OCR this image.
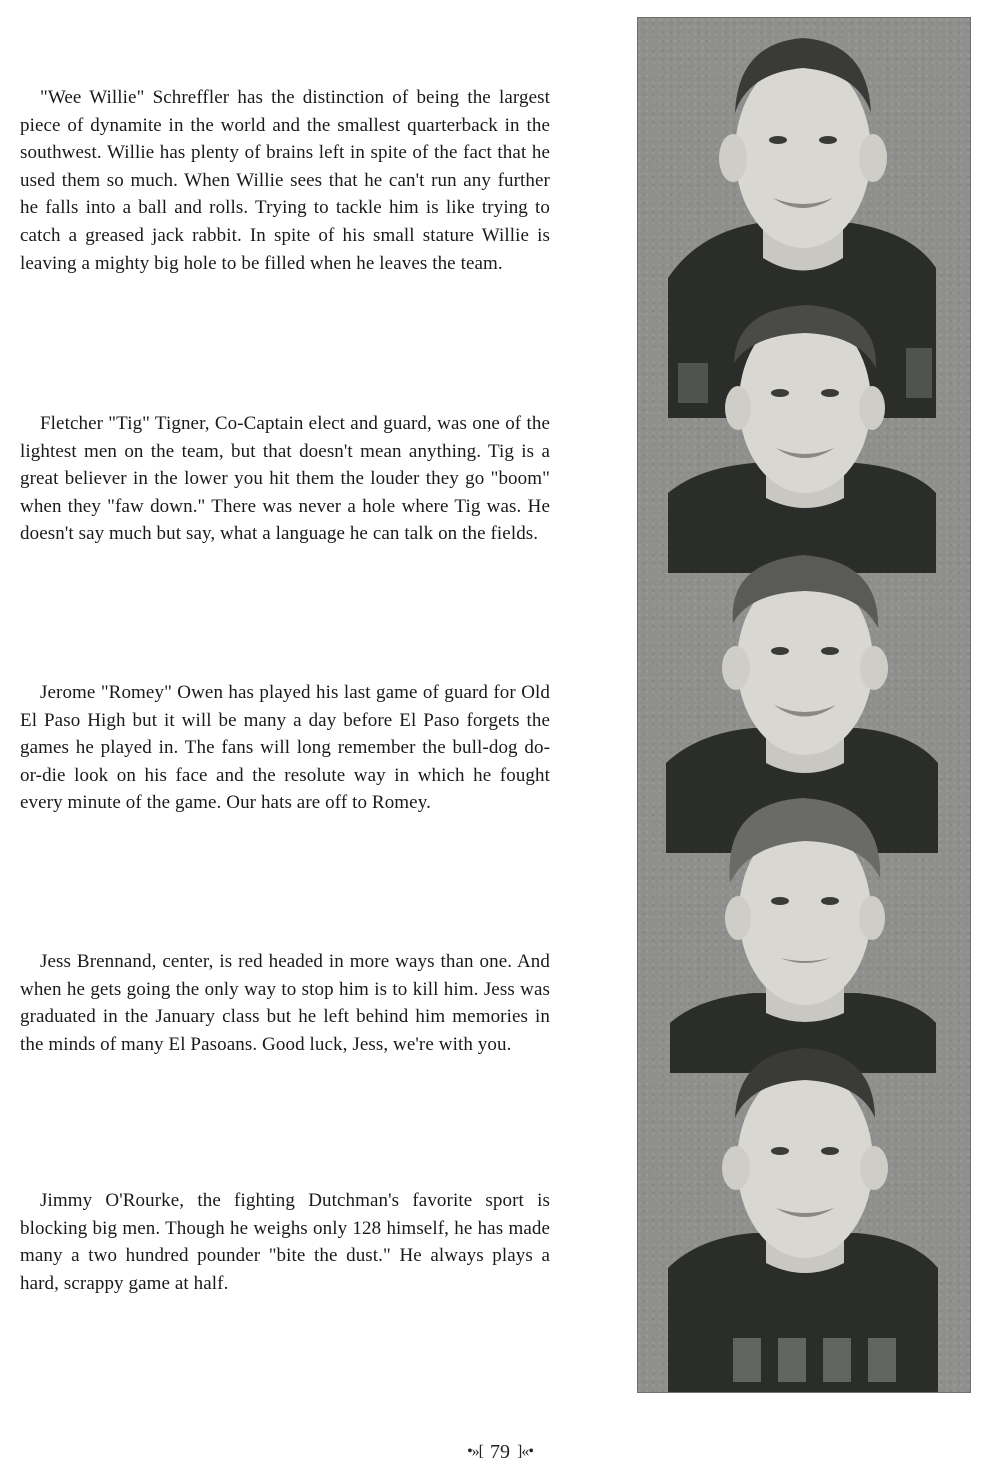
"Wee Willie" Schreffler has the distinction of being the largest piece of dynamite in the world and the smallest quarterback in the southwest. Willie has plenty of brains left in spite of the fact that he used them so much. When Willie sees that he can't run any further he falls into a ball and rolls. Trying to tackle him is like trying to catch a greased jack rabbit. In spite of his small stature Willie is leaving a mighty big hole to be filled when he leaves the team.

Fletcher "Tig" Tigner, Co-Captain elect and guard, was one of the lightest men on the team, but that doesn't mean anything. Tig is a great believer in the lower you hit them the louder they go "boom" when they "faw down." There was never a hole where Tig was. He doesn't say much but say, what a language he can talk on the fields.

Jerome "Romey" Owen has played his last game of guard for Old El Paso High but it will be many a day before El Paso forgets the games he played in. The fans will long remember the bull-dog do-or-die look on his face and the resolute way in which he fought every minute of the game. Our hats are off to Romey.

Jess Brennand, center, is red headed in more ways than one. And when he gets going the only way to stop him is to kill him. Jess was graduated in the January class but he left behind him memories in the minds of many El Pasoans. Good luck, Jess, we're with you.

Jimmy O'Rourke, the fighting Dutchman's favorite sport is blocking big men. Though he weighs only 128 himself, he has made many a two hundred pounder "bite the dust." He always plays a hard, scrappy game at half.

•»[ 79 ]«•
